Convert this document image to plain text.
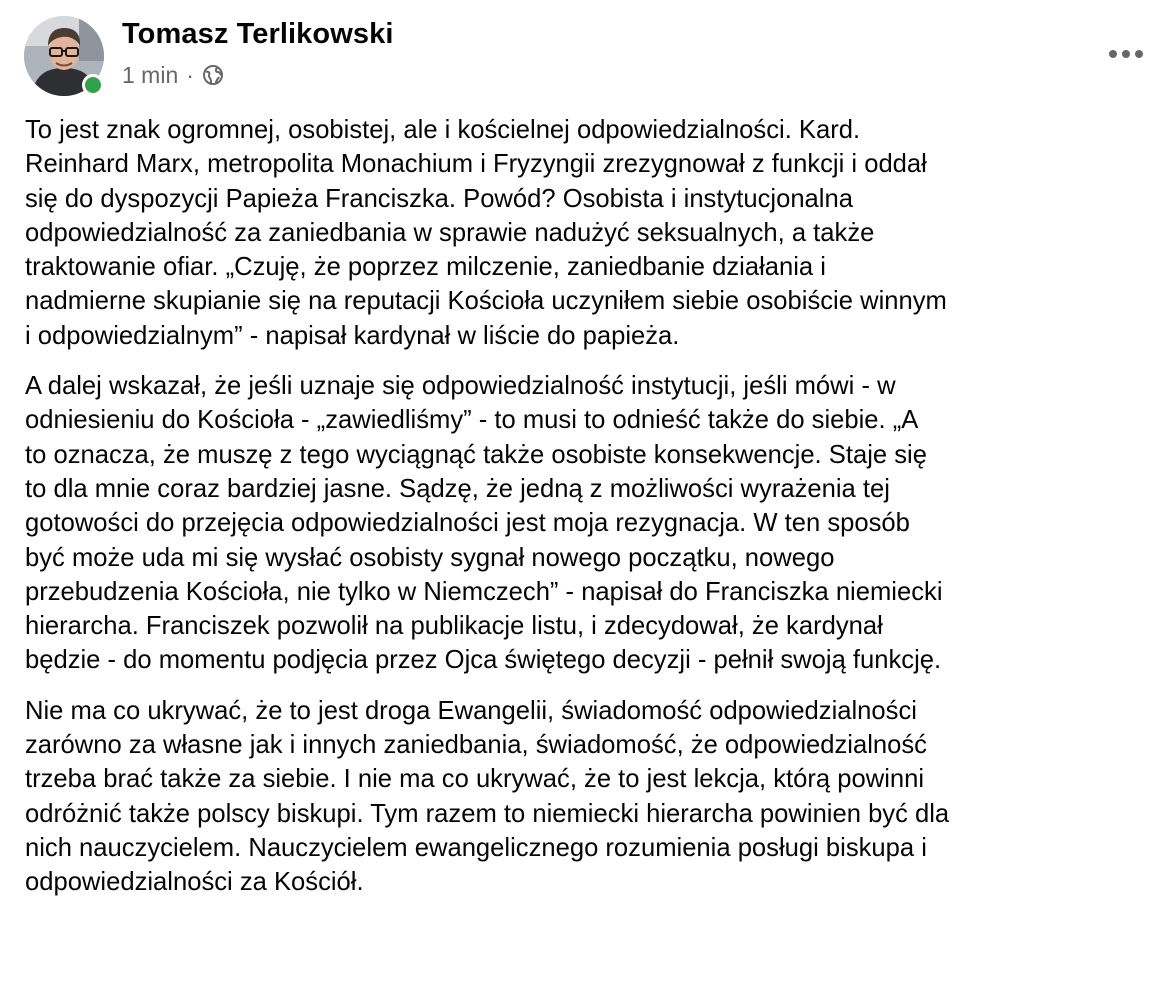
Tomasz Terlikowski
1 min ·

To jest znak ogromnej, osobistej, ale i kościelnej odpowiedzialności. Kard.
Reinhard Marx, metropolita Monachium i Fryzyngii zrezygnował z funkcji i oddał
się do dyspozycji Papieża Franciszka. Powód? Osobista i instytucjonalna
odpowiedzialność za zaniedbania w sprawie nadużyć seksualnych, a także
traktowanie ofiar. „Czuję, że poprzez milczenie, zaniedbanie działania i
nadmierne skupianie się na reputacji Kościoła uczyniłem siebie osobiście winnym
i odpowiedzialnym” - napisał kardynał w liście do papieża.

A dalej wskazał, że jeśli uznaje się odpowiedzialność instytucji, jeśli mówi - w
odniesieniu do Kościoła - „zawiedliśmy” - to musi to odnieść także do siebie. „A
to oznacza, że muszę z tego wyciągnąć także osobiste konsekwencje. Staje się
to dla mnie coraz bardziej jasne. Sądzę, że jedną z możliwości wyrażenia tej
gotowości do przejęcia odpowiedzialności jest moja rezygnacja. W ten sposób
być może uda mi się wysłać osobisty sygnał nowego początku, nowego
przebudzenia Kościoła, nie tylko w Niemczech” - napisał do Franciszka niemiecki
hierarcha. Franciszek pozwolił na publikacje listu, i zdecydował, że kardynał
będzie - do momentu podjęcia przez Ojca świętego decyzji - pełnił swoją funkcję.

Nie ma co ukrywać, że to jest droga Ewangelii, świadomość odpowiedzialności
zarówno za własne jak i innych zaniedbania, świadomość, że odpowiedzialność
trzeba brać także za siebie. I nie ma co ukrywać, że to jest lekcja, którą powinni
odróżnić także polscy biskupi. Tym razem to niemiecki hierarcha powinien być dla
nich nauczycielem. Nauczycielem ewangelicznego rozumienia posługi biskupa i
odpowiedzialności za Kościół.
